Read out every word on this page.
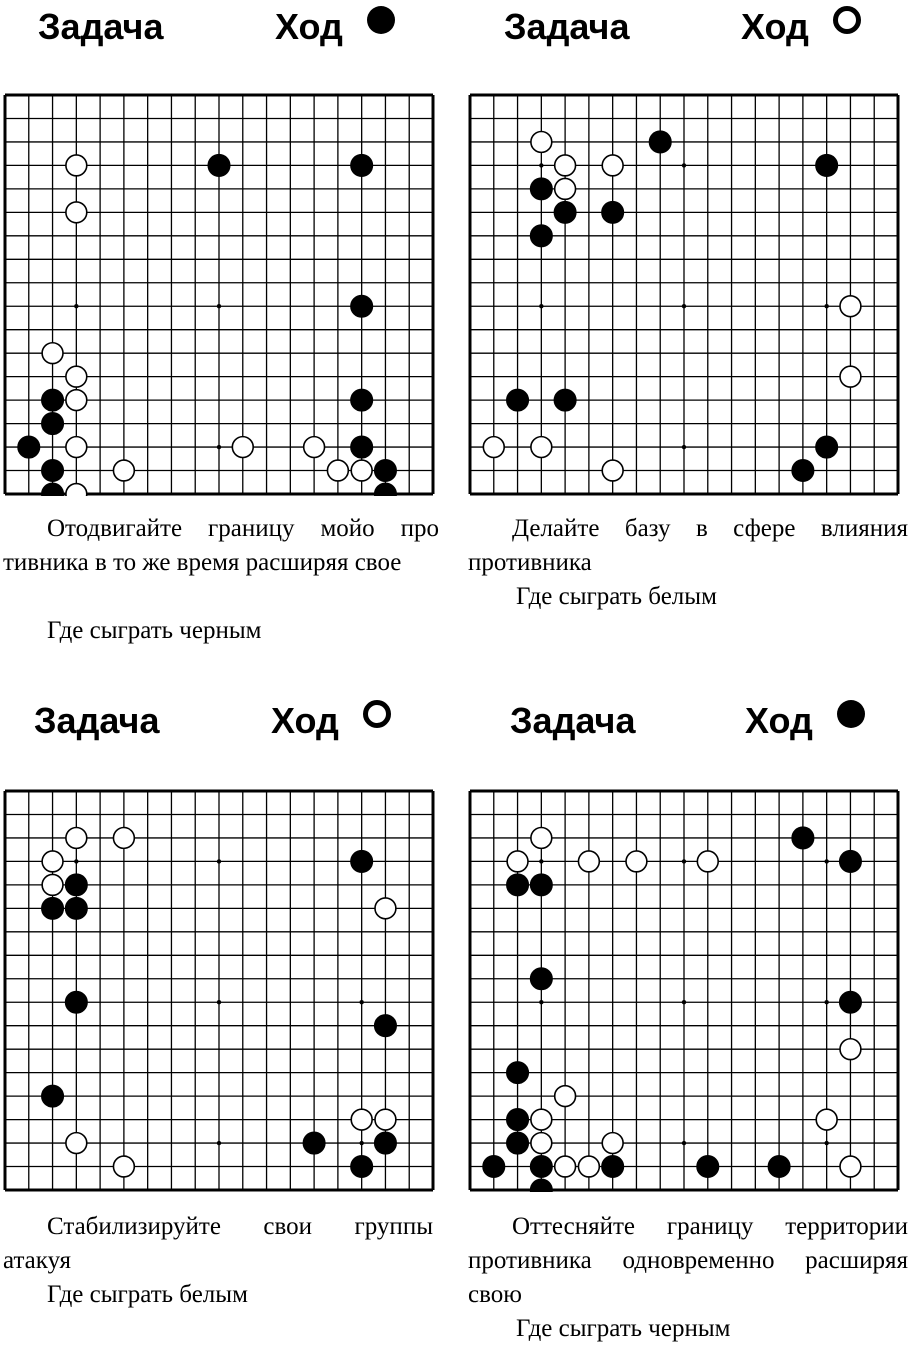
Задача	Ход
Отодвигайте границу мойо про тивника в то же время расширяя свое
Где сыграть черным
Задача	Ход
Делайте базу в сфере влияния противника
Где сыграть белым
Задача	Ход
Стабилизируйте свои группы атакуя
Где сыграть белым
Задача	Ход
Оттесняйте границу территории противника одновременно расширяя свою
Где сыграть черным
